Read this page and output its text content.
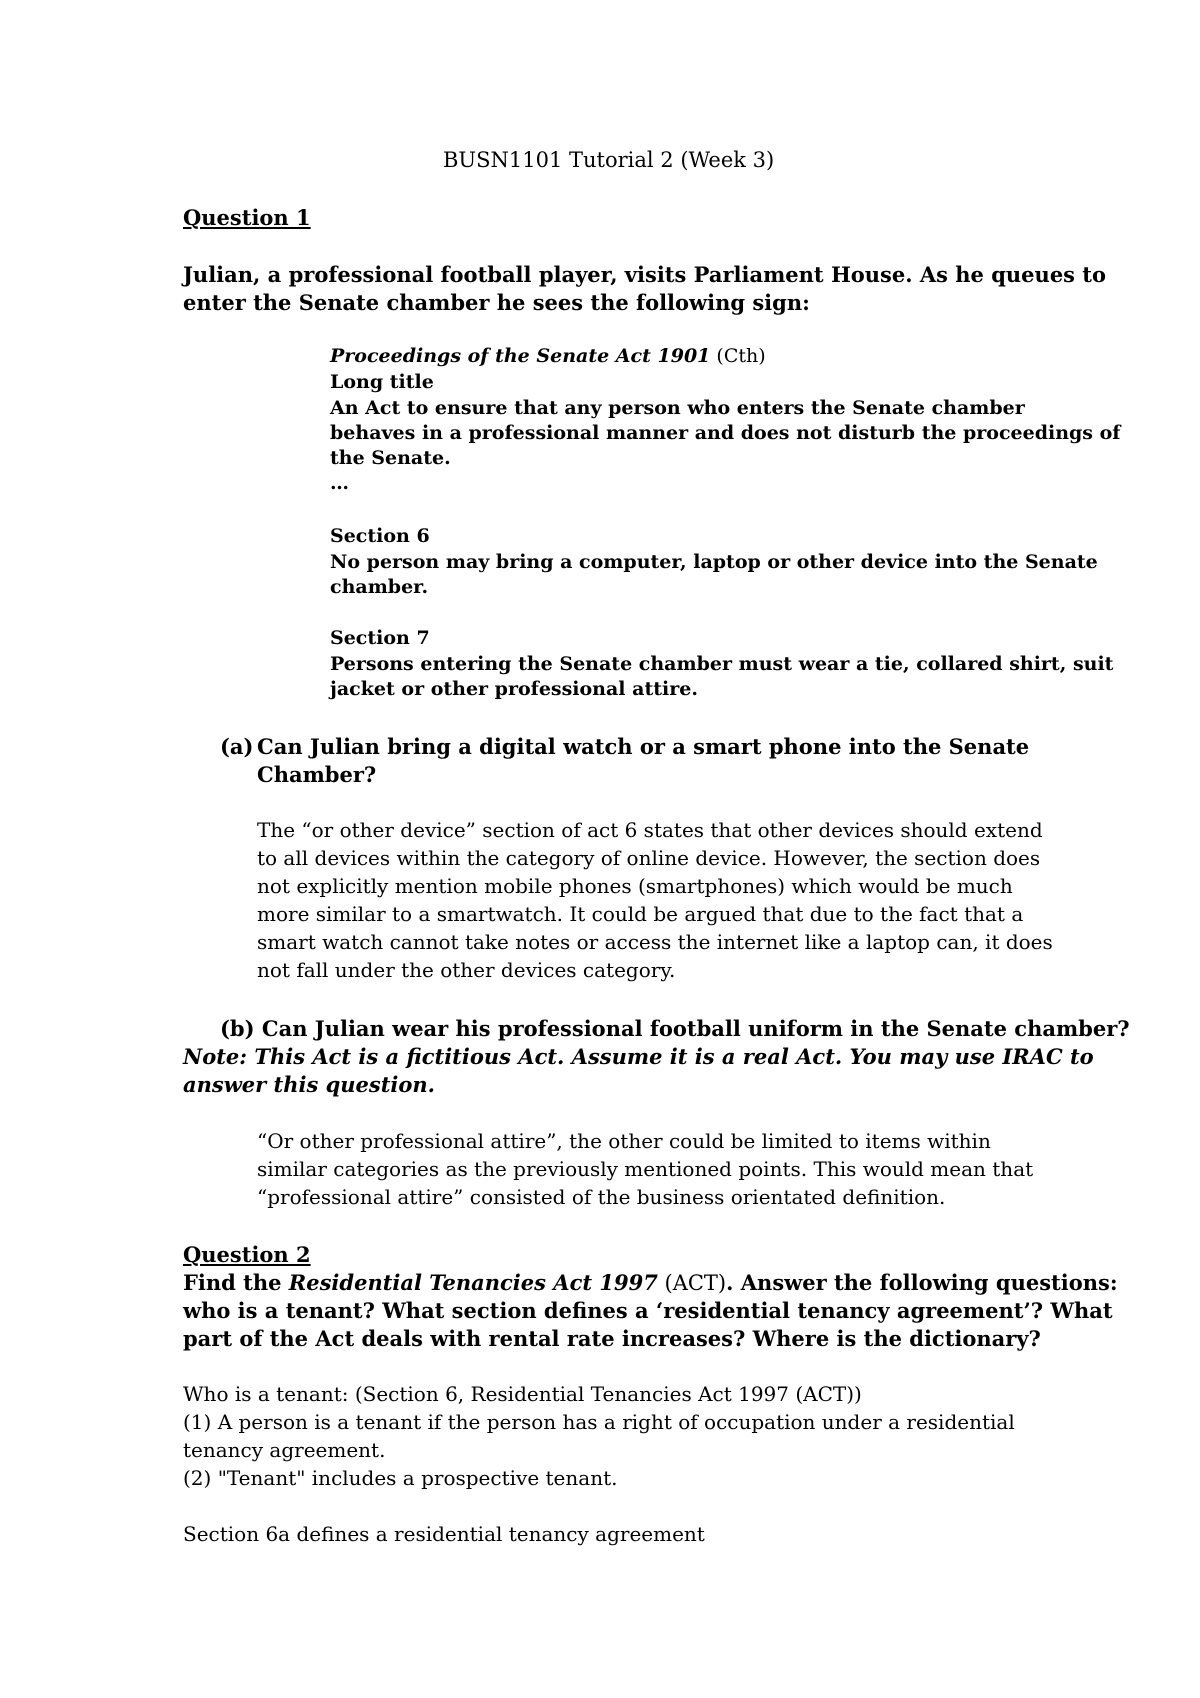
BUSN1101 Tutorial 2 (Week 3)

Question 1

Julian, a professional football player, visits Parliament House. As he queues to

enter the Senate chamber he sees the following sign:

Proceedings of the Senate Act 1901 (Cth)

Long title

An Act to ensure that any person who enters the Senate chamber

behaves in a professional manner and does not disturb the proceedings of

the Senate.

…

Section 6

No person may bring a computer, laptop or other device into the Senate

chamber.

Section 7

Persons entering the Senate chamber must wear a tie, collared shirt, suit

jacket or other professional attire.

(a) Can Julian bring a digital watch or a smart phone into the Senate

Chamber?

The “or other device” section of act 6 states that other devices should extend

to all devices within the category of online device. However, the section does

not explicitly mention mobile phones (smartphones) which would be much

more similar to a smartwatch. It could be argued that due to the fact that a

smart watch cannot take notes or access the internet like a laptop can, it does

not fall under the other devices category.

(b) Can Julian wear his professional football uniform in the Senate chamber?

Note: This Act is a fictitious Act. Assume it is a real Act. You may use IRAC to

answer this question.

“Or other professional attire”, the other could be limited to items within

similar categories as the previously mentioned points. This would mean that

“professional attire” consisted of the business orientated definition.

Question 2

Find the Residential Tenancies Act 1997 (ACT). Answer the following questions:

who is a tenant? What section defines a ‘residential tenancy agreement’? What

part of the Act deals with rental rate increases? Where is the dictionary?

Who is a tenant: (Section 6, Residential Tenancies Act 1997 (ACT))

(1) A person is a tenant if the person has a right of occupation under a residential

tenancy agreement.

(2) "Tenant" includes a prospective tenant.

Section 6a defines a residential tenancy agreement
